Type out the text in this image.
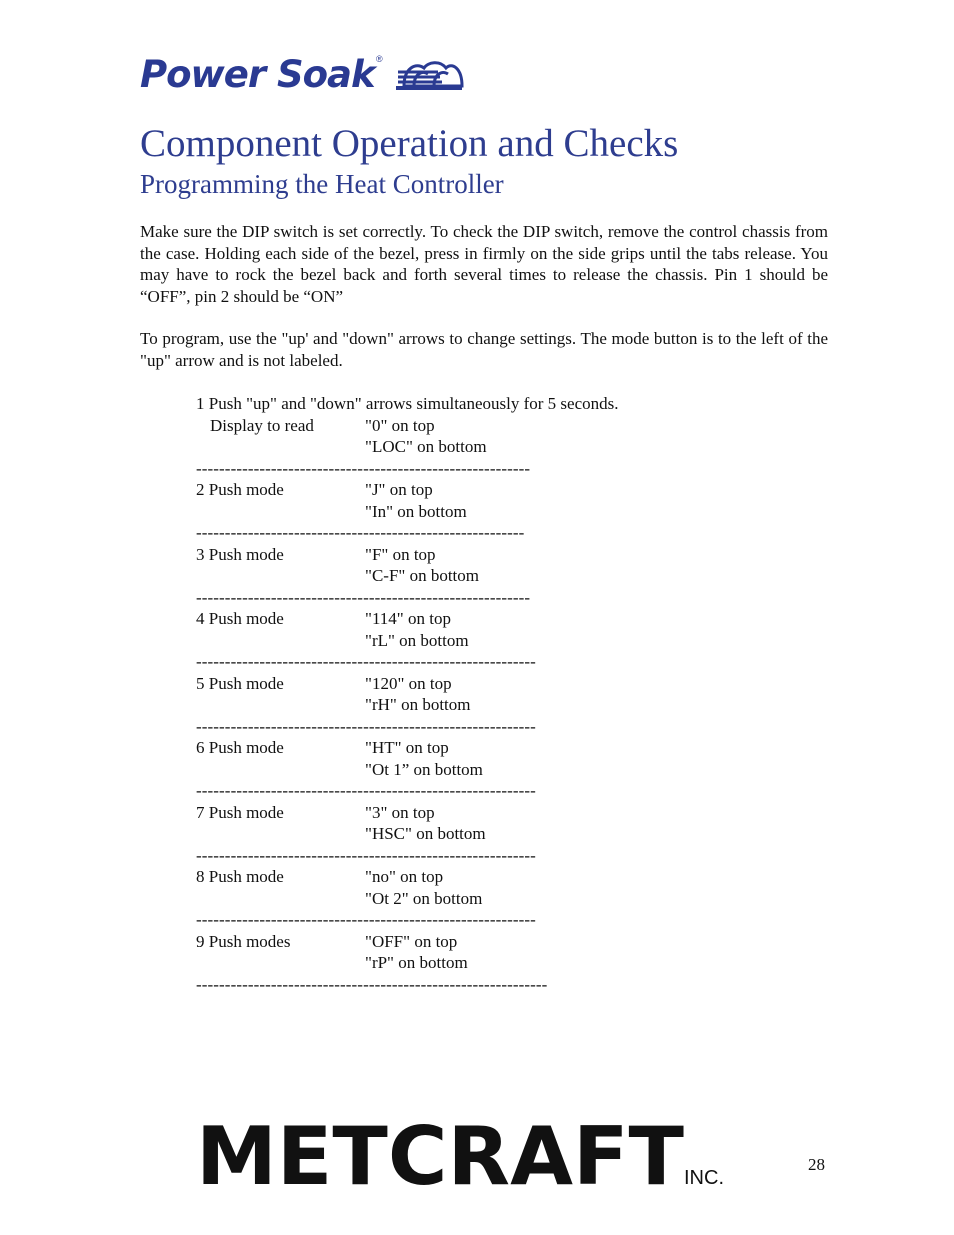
Power Soak ®
Component Operation and Checks
Programming the Heat Controller

Make sure the DIP switch is set correctly. To check the DIP switch, remove the control chassis from the case. Holding each side of the bezel, press in firmly on the side grips until the tabs release. You may have to rock the bezel back and forth several times to release the chassis. Pin 1 should be “OFF”, pin 2 should be “ON”

To program, use the "up' and "down" arrows to change settings. The mode button is to the left of the "up" arrow and is not labeled.

1 Push "up" and "down" arrows simultaneously for 5 seconds.
Display to read	"0" on top
"LOC" on bottom
----------------------------------------------------------
2 Push mode	"J" on top
"In" on bottom
---------------------------------------------------------
3 Push mode	"F" on top
"C-F" on bottom
----------------------------------------------------------
4 Push mode	"114" on top
"rL" on bottom
-----------------------------------------------------------
5 Push mode	"120" on top
"rH" on bottom
-----------------------------------------------------------
6 Push mode	"HT" on top
"Ot 1” on bottom
-----------------------------------------------------------
7 Push mode	"3" on top
"HSC" on bottom
-----------------------------------------------------------
8 Push mode	"no" on top
"Ot 2" on bottom
-----------------------------------------------------------
9 Push modes	"OFF" on top
"rP" on bottom
-------------------------------------------------------------
METCRAFT INC.
28
